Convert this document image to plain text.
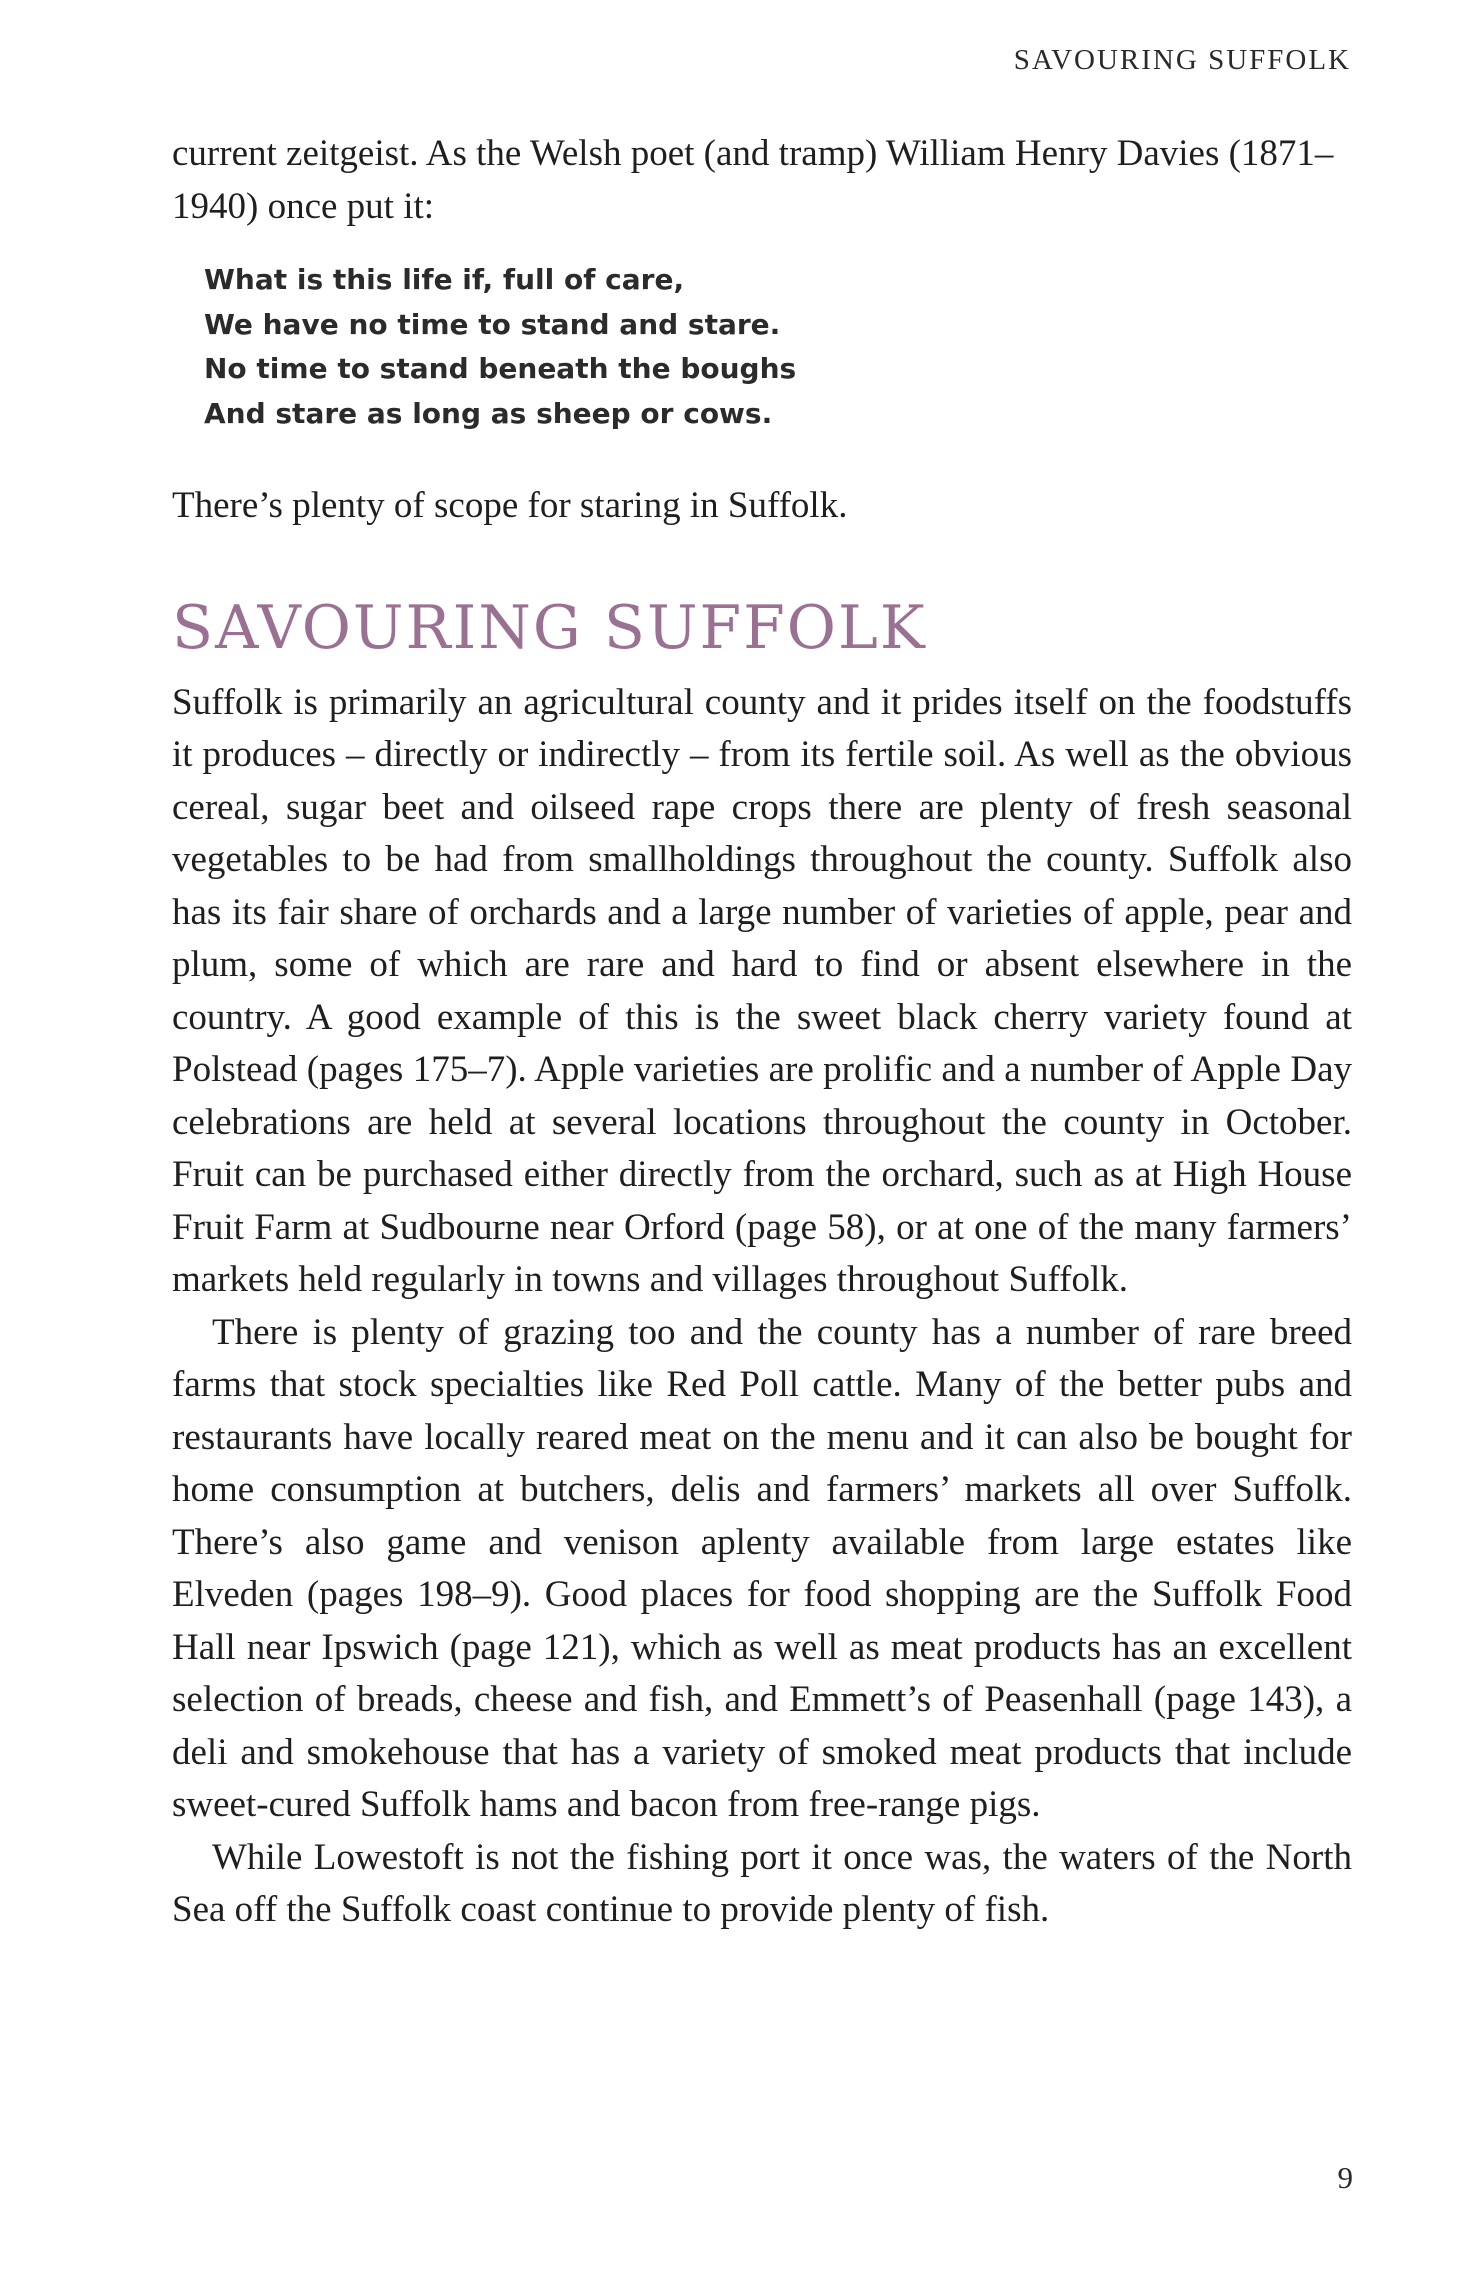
SAVOURING SUFFOLK

current zeitgeist. As the Welsh poet (and tramp) William Henry Davies (1871–1940) once put it:

What is this life if, full of care,
We have no time to stand and stare.
No time to stand beneath the boughs
And stare as long as sheep or cows.

There’s plenty of scope for staring in Suffolk.

SAVOURING SUFFOLK

Suffolk is primarily an agricultural county and it prides itself on the foodstuffs it produces – directly or indirectly – from its fertile soil. As well as the obvious cereal, sugar beet and oilseed rape crops there are plenty of fresh seasonal vegetables to be had from smallholdings throughout the county. Suffolk also has its fair share of orchards and a large number of varieties of apple, pear and plum, some of which are rare and hard to find or absent elsewhere in the country. A good example of this is the sweet black cherry variety found at Polstead (pages 175–7). Apple varieties are prolific and a number of Apple Day celebrations are held at several locations throughout the county in October. Fruit can be purchased either directly from the orchard, such as at High House Fruit Farm at Sudbourne near Orford (page 58), or at one of the many farmers’ markets held regularly in towns and villages throughout Suffolk.

There is plenty of grazing too and the county has a number of rare breed farms that stock specialties like Red Poll cattle. Many of the better pubs and restaurants have locally reared meat on the menu and it can also be bought for home consumption at butchers, delis and farmers’ markets all over Suffolk. There’s also game and venison aplenty available from large estates like Elveden (pages 198–9). Good places for food shopping are the Suffolk Food Hall near Ipswich (page 121), which as well as meat products has an excellent selection of breads, cheese and fish, and Emmett’s of Peasenhall (page 143), a deli and smokehouse that has a variety of smoked meat products that include sweet-cured Suffolk hams and bacon from free-range pigs.

While Lowestoft is not the fishing port it once was, the waters of the North Sea off the Suffolk coast continue to provide plenty of fish.

9
